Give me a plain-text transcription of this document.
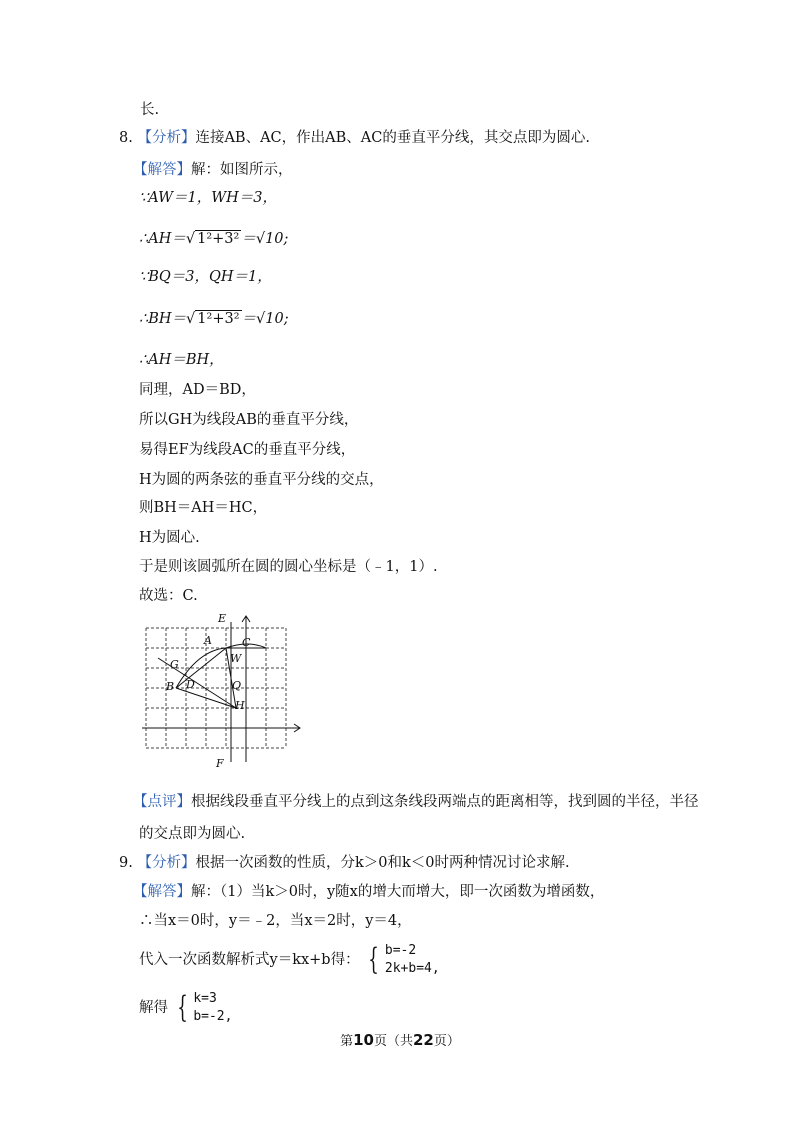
长.
8. 【分析】连接AB、AC，作出AB、AC的垂直平分线，其交点即为圆心.
【解答】解：如图所示，
∵AW＝1，WH＝3，
∴AH＝√ 1²+3² ＝√10;
∵BQ＝3，QH＝1，
∴BH＝√ 1²+3² ＝√10;
∴AH＝BH，
同理，AD＝BD，
所以GH为线段AB的垂直平分线，
易得EF为线段AC的垂直平分线，
H为圆的两条弦的垂直平分线的交点，
则BH＝AH＝HC，
H为圆心.
于是则该圆弧所在圆的圆心坐标是（﹣1，1）.
故选：C.
E
A	C
W
G
B D	Q
H
F
【点评】根据线段垂直平分线上的点到这条线段两端点的距离相等，找到圆的半径，半径
的交点即为圆心.
9. 【分析】根据一次函数的性质，分k＞0和k＜0时两种情况讨论求解.
【解答】解：（1）当k＞0时，y随x的增大而增大，即一次函数为增函数，
∴当x＝0时，y＝﹣2，当x＝2时，y＝4，
代入一次函数解析式y＝kx+b得： { b=-2
2k+b=4,
解得 { k=3
b=-2,
第10页（共22页）
